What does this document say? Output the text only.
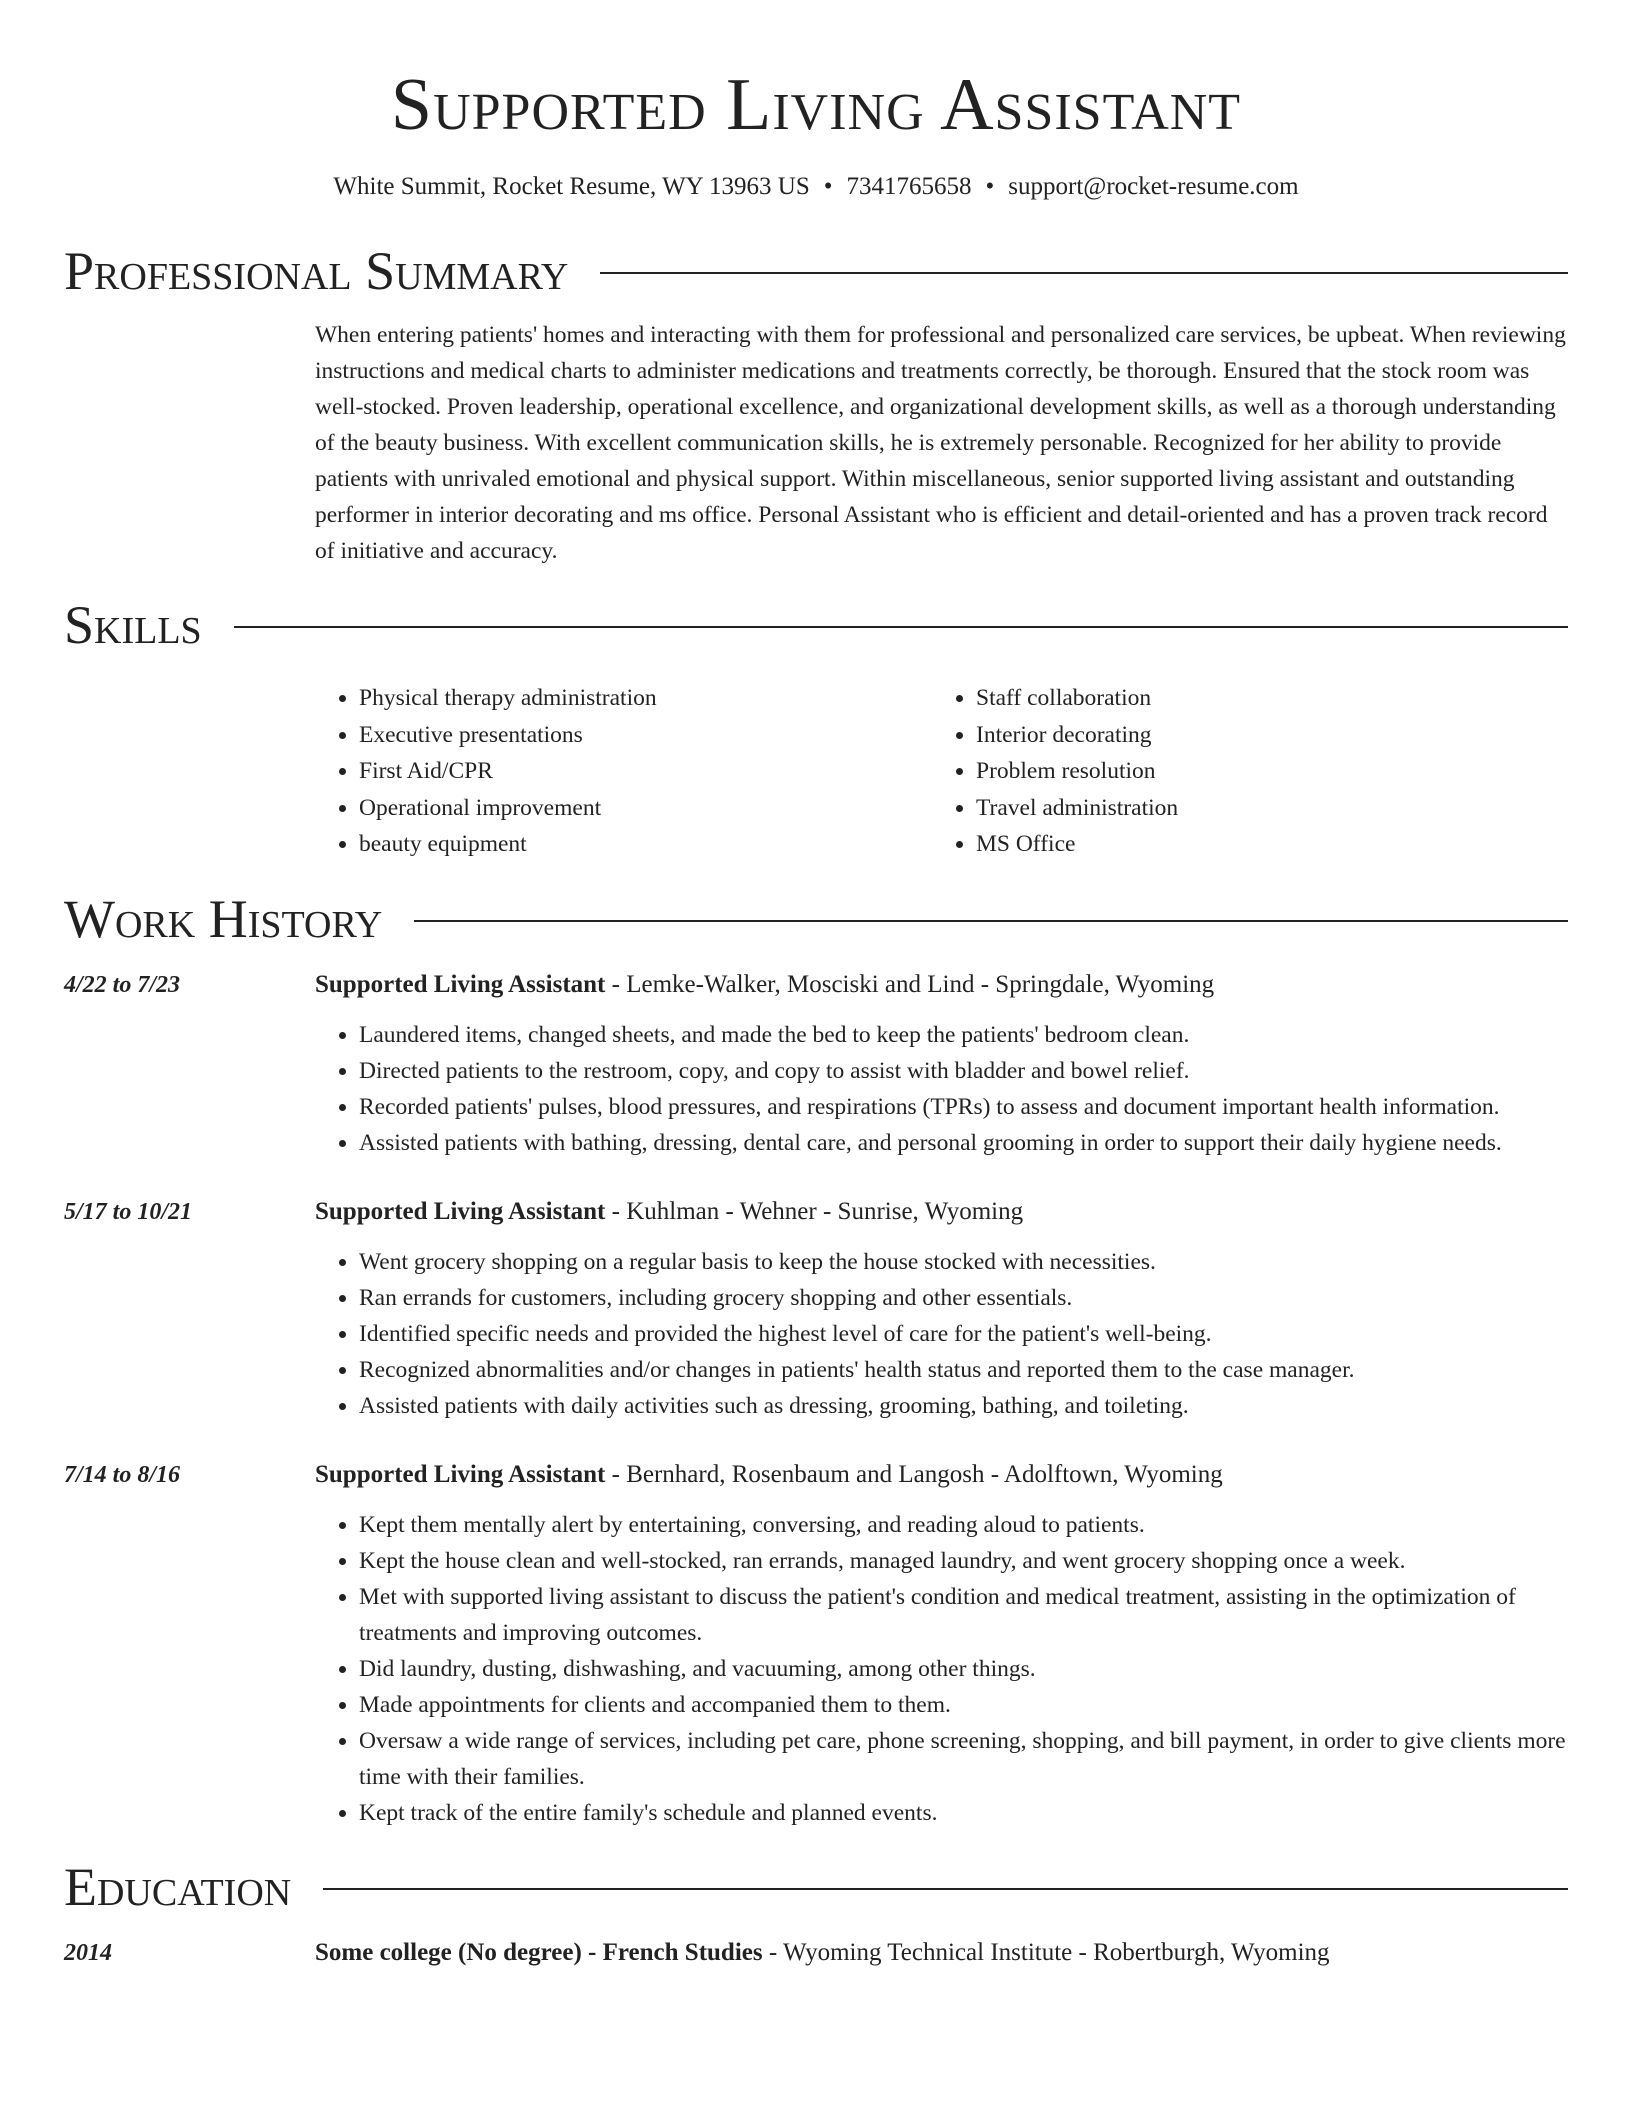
Supported Living Assistant
White Summit, Rocket Resume, WY 13963 US • 7341765658 • support@rocket-resume.com
Professional Summary

When entering patients' homes and interacting with them for professional and personalized care services, be upbeat. When reviewing instructions and medical charts to administer medications and treatments correctly, be thorough. Ensured that the stock room was well-stocked. Proven leadership, operational excellence, and organizational development skills, as well as a thorough understanding of the beauty business. With excellent communication skills, he is extremely personable. Recognized for her ability to provide patients with unrivaled emotional and physical support. Within miscellaneous, senior supported living assistant and outstanding performer in interior decorating and ms office. Personal Assistant who is efficient and detail-oriented and has a proven track record of initiative and accuracy.

Skills
• Physical therapy administration
• Executive presentations
• First Aid/CPR
• Operational improvement
• beauty equipment
• Staff collaboration
• Interior decorating
• Problem resolution
• Travel administration
• MS Office
Work History
4/22 to 7/23	Supported Living Assistant - Lemke-Walker, Mosciski and Lind - Springdale, Wyoming
• Laundered items, changed sheets, and made the bed to keep the patients' bedroom clean.
• Directed patients to the restroom, copy, and copy to assist with bladder and bowel relief.
• Recorded patients' pulses, blood pressures, and respirations (TPRs) to assess and document important health information.
• Assisted patients with bathing, dressing, dental care, and personal grooming in order to support their daily hygiene needs.
5/17 to 10/21	Supported Living Assistant - Kuhlman - Wehner - Sunrise, Wyoming
• Went grocery shopping on a regular basis to keep the house stocked with necessities.
• Ran errands for customers, including grocery shopping and other essentials.
• Identified specific needs and provided the highest level of care for the patient's well-being.
• Recognized abnormalities and/or changes in patients' health status and reported them to the case manager.
• Assisted patients with daily activities such as dressing, grooming, bathing, and toileting.
7/14 to 8/16	Supported Living Assistant - Bernhard, Rosenbaum and Langosh - Adolftown, Wyoming
• Kept them mentally alert by entertaining, conversing, and reading aloud to patients.
• Kept the house clean and well-stocked, ran errands, managed laundry, and went grocery shopping once a week.
• Met with supported living assistant to discuss the patient's condition and medical treatment, assisting in the optimization of treatments and improving outcomes.
• Did laundry, dusting, dishwashing, and vacuuming, among other things.
• Made appointments for clients and accompanied them to them.
• Oversaw a wide range of services, including pet care, phone screening, shopping, and bill payment, in order to give clients more time with their families.
• Kept track of the entire family's schedule and planned events.
Education
2014	Some college (No degree) - French Studies - Wyoming Technical Institute - Robertburgh, Wyoming
